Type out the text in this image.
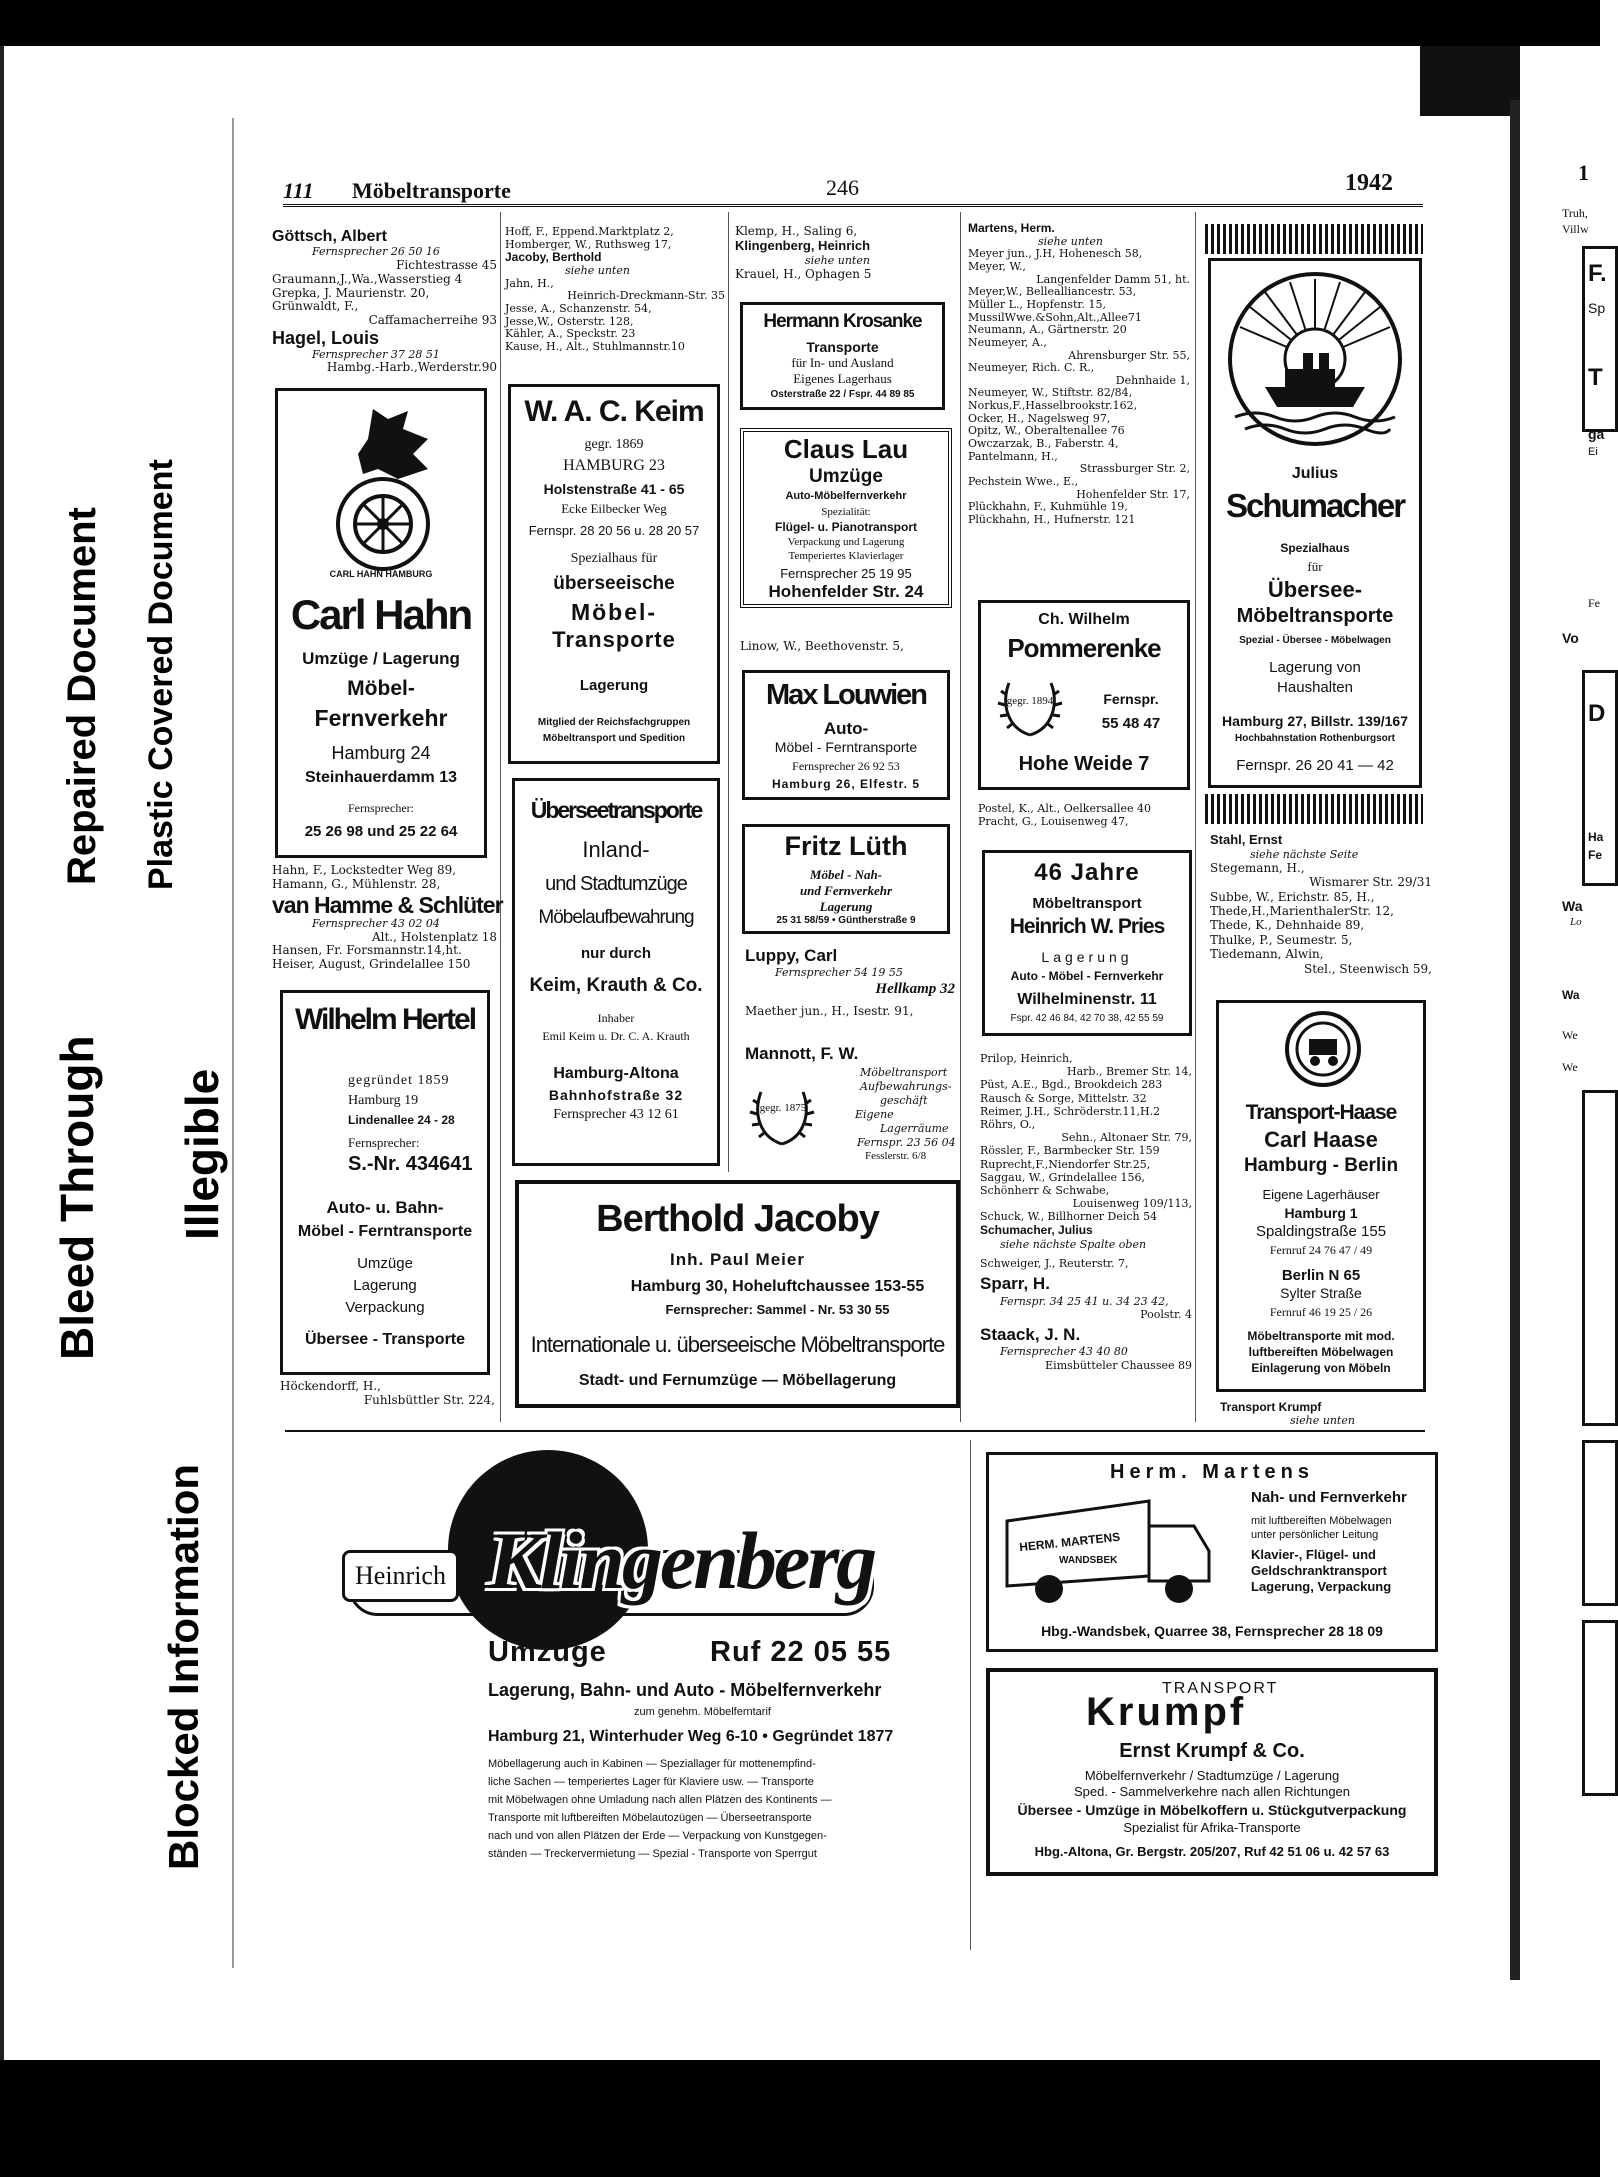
Bleed Through
Repaired Document Plastic Covered Document
Illegible
Blocked Information
111 Möbeltransporte	246	1942
Göttsch, Albert
Fernsprecher 26 50 16
Fichtestrasse 45
Graumann,J.,Wa.,Wasserstieg 4
Grepka, J. Maurienstr. 20,
Grünwaldt, F.,
Caffamacherreihe 93
Hagel, Louis
Fernsprecher 37 28 51
Hambg.-Harb.,Werderstr.90
CARL HAHN HAMBURG
Carl Hahn
Umzüge / Lagerung
Möbel-
Fernverkehr
Hamburg 24
Steinhauerdamm 13
Fernsprecher:
25 26 98 und 25 22 64
Hahn, F., Lockstedter Weg 89,
Hamann, G., Mühlenstr. 28,
van Hamme & Schlüter
Fernsprecher 43 02 04
Alt., Holstenplatz 18
Hansen, Fr. Forsmannstr.14,ht.
Heiser, August, Grindelallee 150
Wilhelm Hertel
gegründet 1859
Hamburg 19
Lindenallee 24 - 28
Fernsprecher:
S.-Nr. 434641
Auto- u. Bahn-
Möbel - Ferntransporte
Umzüge
Lagerung
Verpackung
Übersee - Transporte
Höckendorff, H.,
Fuhlsbüttler Str. 224,
Hoff, F., Eppend.Marktplatz 2,
Homberger, W., Ruthsweg 17,
Jacoby, Berthold
siehe unten
Jahn, H.,
Heinrich-Dreckmann-Str. 35
Jesse, A., Schanzenstr. 54,
Jesse,W., Osterstr. 128,
Kähler, A., Speckstr. 23
Kause, H., Alt., Stuhlmannstr.10
W. A. C. Keim
gegr. 1869
HAMBURG 23
Holstenstraße 41 - 65
Ecke Eilbecker Weg
Fernspr. 28 20 56 u. 28 20 57
Spezialhaus für
überseeische
Möbel-
Transporte
Lagerung
Mitglied der Reichsfachgruppen
Möbeltransport und Spedition
Überseetransporte
Inland-
und Stadtumzüge
Möbelaufbewahrung
nur durch
Keim, Krauth & Co.
Inhaber
Emil Keim u. Dr. C. A. Krauth
Hamburg-Altona
Bahnhofstraße 32
Fernsprecher 43 12 61
Klemp, H., Saling 6,
Klingenberg, Heinrich
siehe unten
Krauel, H., Ophagen 5
Hermann Krosanke
Transporte
für In- und Ausland
Eigenes Lagerhaus
Osterstraße 22 / Fspr. 44 89 85
Claus Lau
Umzüge
Auto-Möbelfernverkehr
Spezialität:
Flügel- u. Pianotransport
Verpackung und Lagerung
Temperiertes Klavierlager
Fernsprecher 25 19 95
Hohenfelder Str. 24
Linow, W., Beethovenstr. 5,
Max Louwien
Auto-
Möbel - Ferntransporte
Fernsprecher 26 92 53
Hamburg 26, Elfestr. 5
Fritz Lüth
Möbel - Nah-
und Fernverkehr
Lagerung
25 31 58/59 • Güntherstraße 9
Luppy, Carl
Fernsprecher 54 19 55
Hellkamp 32
Maether jun., H., Isestr. 91,
Mannott, F. W.
gegr. 1875
Möbeltransport
Aufbewahrungs-
geschäft
Eigene
Lagerräume
Fernspr. 23 56 04
Fesslerstr. 6/8
Berthold Jacoby
Inh. Paul Meier
Hamburg 30, Hoheluftchaussee 153-55
Fernsprecher: Sammel - Nr. 53 30 55
Internationale u. überseeische Möbeltransporte
Stadt- und Fernumzüge — Möbellagerung
Martens, Herm.
siehe unten
Meyer jun., J.H, Hohenesch 58,
Meyer, W.,
Langenfelder Damm 51, ht.
Meyer,W., Bellealliancestr. 53,
Müller L., Hopfenstr. 15,
MussilWwe.&Sohn,Alt.,Allee71
Neumann, A., Gärtnerstr. 20
Neumeyer, A.,
Ahrensburger Str. 55,
Neumeyer, Rich. C. R.,
Dehnhaide 1,
Neumeyer, W., Stiftstr. 82/84,
Norkus,F.,Hasselbrookstr.162,
Ocker, H., Nagelsweg 97,
Opitz, W., Oberaltenallee 76
Owczarzak, B., Faberstr. 4,
Pantelmann, H.,
Strassburger Str. 2,
Pechstein Wwe., E.,
Hohenfelder Str. 17,
Plückhahn, F., Kuhmühle 19,
Plückhahn, H., Hufnerstr. 121
Ch. Wilhelm
Pommerenke
gegr. 1894	Fernspr.
55 48 47
Hohe Weide 7
Postel, K., Alt., Oelkersallee 40
Pracht, G., Louisenweg 47,
46 Jahre
Möbeltransport
Heinrich W. Pries
Lagerung
Auto - Möbel - Fernverkehr
Wilhelminenstr. 11
Fspr. 42 46 84, 42 70 38, 42 55 59
Prilop, Heinrich,
Harb., Bremer Str. 14,
Püst, A.E., Bgd., Brookdeich 283
Rausch & Sorge, Mittelstr. 32
Reimer, J.H., Schröderstr.11,H.2
Röhrs, O.,
Sehn., Altonaer Str. 79,
Rössler, F., Barmbecker Str. 159
Ruprecht,F.,Niendorfer Str.25,
Saggau, W., Grindelallee 156,
Schönherr & Schwabe,
Louisenweg 109/113,
Schuck, W., Billhorner Deich 54
Schumacher, Julius
siehe nächste Spalte oben
Schweiger, J., Reuterstr. 7,
Sparr, H.
Fernspr. 34 25 41 u. 34 23 42,
Poolstr. 4
Staack, J. N.
Fernsprecher 43 40 80
Eimsbütteler Chaussee 89
Julius
Schumacher
Spezialhaus
für
Übersee-
Möbeltransporte
Spezial - Übersee - Möbelwagen
Lagerung von
Haushalten
Hamburg 27, Billstr. 139/167
Hochbahnstation Rothenburgsort
Fernspr. 26 20 41 — 42
Stahl, Ernst
siehe nächste Seite
Stegemann, H.,
Wismarer Str. 29/31
Subbe, W., Erichstr. 85, H.,
Thede,H.,MarienthalerStr. 12,
Thede, K., Dehnhaide 89,
Thulke, P., Seumestr. 5,
Tiedemann, Alwin,
Stel., Steenwisch 59,
Transport-Haase
Carl Haase
Hamburg - Berlin
Eigene Lagerhäuser
Hamburg 1
Spaldingstraße 155
Fernruf 24 76 47 / 49
Berlin N 65
Sylter Straße
Fernruf 46 19 25 / 26
Möbeltransporte mit mod.
luftbereiften Möbelwagen
Einlagerung von Möbeln
Transport Krumpf
siehe unten
Heinrich Klingenberg
Umzüge	Ruf 22 05 55
Lagerung, Bahn- und Auto - Möbelfernverkehr
zum genehm. Möbelferntarif
Hamburg 21, Winterhuder Weg 6-10 • Gegründet 1877
Möbellagerung auch in Kabinen — Speziallager für mottenempfind-
liche Sachen — temperiertes Lager für Klaviere usw. — Transporte
mit Möbelwagen ohne Umladung nach allen Plätzen des Kontinents —
Transporte mit luftbereiften Möbelautozügen — Überseetransporte
nach und von allen Plätzen der Erde — Verpackung von Kunstgegen-
ständen — Treckervermietung — Spezial - Transporte von Sperrgut
Herm. Martens
Nah- und Fernverkehr
HERM. MARTENS
WANDSBEK
mit luftbereiften Möbelwagen
unter persönlicher Leitung
Klavier-, Flügel- und
Geldschranktransport
Lagerung, Verpackung
Hbg.-Wandsbek, Quarree 38, Fernsprecher 28 18 09
TRANSPORT
Krumpf
Ernst Krumpf & Co.
Möbelfernverkehr / Stadtumzüge / Lagerung
Sped. - Sammelverkehre nach allen Richtungen
Übersee - Umzüge in Möbelkoffern u. Stückgutverpackung
Spezialist für Afrika-Transporte
Hbg.-Altona, Gr. Bergstr. 205/207, Ruf 42 51 06 u. 42 57 63
1
Truh,
Villw
F.
Sp
T
ga
Ei
Fe
Vo
D
Ha
Fe
Wa
Lo
Wa
We
We
